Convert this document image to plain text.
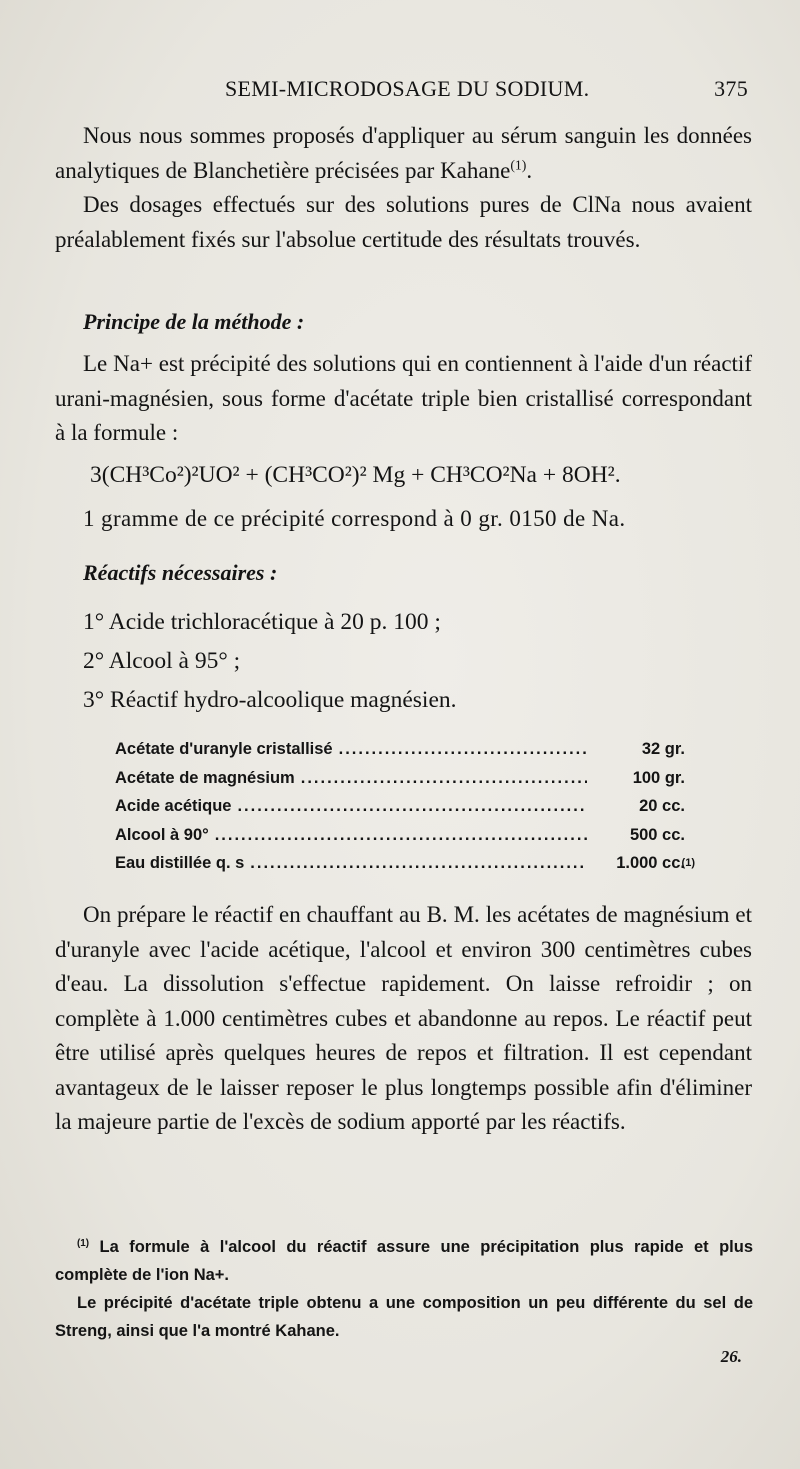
SEMI-MICRODOSAGE DU SODIUM.	375

Nous nous sommes proposés d'appliquer au sérum sanguin les données analytiques de Blanchetière précisées par Kahane$^{(1)}$.

Des dosages effectués sur des solutions pures de ClNa nous avaient préalablement fixés sur l'absolue certitude des résultats trouvés.

Principe de la méthode :

Le Na+ est précipité des solutions qui en contiennent à l'aide d'un réactif urani-magnésien, sous forme d'acétate triple bien cristallisé correspondant à la formule :

3(CH³Co²)²UO² + (CH³CO²)² Mg + CH³CO²Na + 8OH².
1 gramme de ce précipité correspond à 0 gr. 0150 de Na.
Réactifs nécessaires :
1° Acide trichloracétique à 20 p. 100 ;
2° Alcool à 95° ;
3° Réactif hydro-alcoolique magnésien.
Acétate d'uranyle cristallisé .....	32 gr.
Acétate de magnésium .....	100 gr.
Acide acétique .....	20 cc.
Alcool à 90° .....	500 cc.
Eau distillée q. s .....	1.000 cc.
(1)

On prépare le réactif en chauffant au B. M. les acétates de magnésium et d'uranyle avec l'acide acétique, l'alcool et environ 300 centimètres cubes d'eau. La dissolution s'effectue rapidement. On laisse refroidir ; on complète à 1.000 centimètres cubes et abandonne au repos. Le réactif peut être utilisé après quelques heures de repos et filtration. Il est cependant avantageux de le laisser reposer le plus longtemps possible afin d'éliminer la majeure partie de l'excès de sodium apporté par les réactifs.

$^{(1)}$ La formule à l'alcool du réactif assure une précipitation plus rapide et plus complète de l'ion Na+.

Le précipité d'acétate triple obtenu a une composition un peu différente du sel de Streng, ainsi que l'a montré Kahane.

26.
